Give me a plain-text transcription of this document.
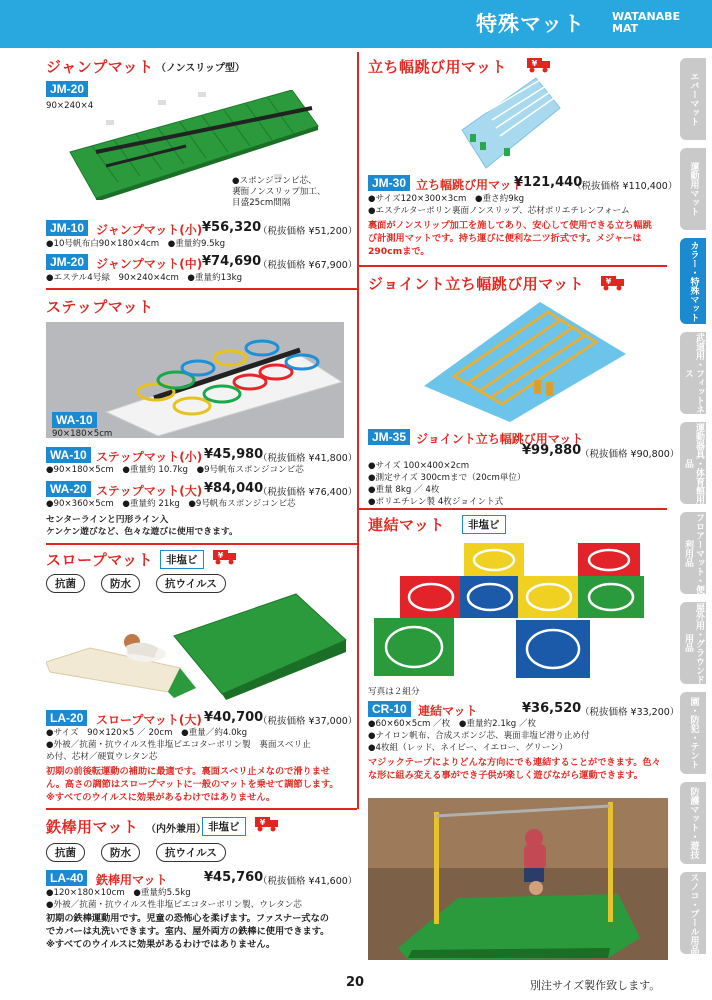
特殊マット WATANABE MAT
エバーマット
運動用マット
カラー・特殊マット
武道用・フィットネス
運動器具・体育館用品
フロアーマット・便利用品
屋外用・グラウンド用品
園・防犯・テント
防護マット・遊技
スノコ・プール用品
ジャンプマット （ノンスリップ型）
JM-20
90×240×4
●スポンジコンビ芯、
裏面ノンスリップ加工、
目盛25cm間隔
JM-10 ジャンプマット(小) ¥56,320
（税抜価格 ¥51,200）
●10号帆布白90×180×4cm　●重量約9.5kg
JM-20 ジャンプマット(中) ¥74,690
（税抜価格 ¥67,900）
●エステル4号緑　90×240×4cm　●重量約13kg
ステップマット
WA-10
90×180×5cm
WA-10 ステップマット(小) ¥45,980
（税抜価格 ¥41,800）
●90×180×5cm　●重量約 10.7kg　●9号帆布スポンジコンビ芯
WA-20 ステップマット(大) ¥84,040
（税抜価格 ¥76,400）
●90×360×5cm　●重量約 21kg　●9号帆布スポンジコンビ芯
センターラインと円形ライン入
ケンケン遊びなど、色々な遊びに使用できます。
スロープマット	非塩ビ	¥
抗菌	防水	抗ウイルス
LA-20	スロープマット(大) ¥40,700
（税抜価格 ¥37,000）
●サイズ　90×120×5 ／ 20cm　●重量／約4.0kg
●外被／抗菌・抗ウイルス性非塩ビエコターポリン製　裏面スベリ止
め付、芯材／硬質ウレタン芯
初期の前後転運動の補助に最適です。裏面スベリ止メなので滑りませ
ん。高さの調節はスロープマットに一般のマットを乗せて調節します。
※すべてのウイルスに効果があるわけではありません。
鉄棒用マット （内外兼用） 非塩ビ	¥
抗菌	防水	抗ウイルス
LA-40	鉄棒用マット	¥45,760
（税抜価格 ¥41,600）
●120×180×10cm　●重量約5.5kg
●外被／抗菌・抗ウイルス性非塩ビエコターポリン製、ウレタン芯
初期の鉄棒運動用です。児童の恐怖心を柔げます。ファスナー式なの
でカバーは丸洗いできます。室内、屋外両方の鉄棒に使用できます。
※すべてのウイルスに効果があるわけではありません。
立ち幅跳び用マット	¥
JM-30 立ち幅跳び用マット
¥121,440
（税抜価格 ¥110,400）
●サイズ120×300×3cm　●重さ約9kg
●エステルターポリン裏面ノンスリップ、芯材ポリエチレンフォーム
裏面がノンスリップ加工を施してあり、安心して使用できる立ち幅跳
び計測用マットです。持ち運びに便利な二ツ折式です。メジャーは
290cmまで。
ジョイント立ち幅跳び用マット	¥
JM-35 ジョイント立ち幅跳び用マット
¥99,880
（税抜価格 ¥90,800）
●サイズ 100×400×2cm
●測定サイズ 300cmまで（20cm単位）
●重量 8kg ／ 4枚
●ポリエチレン製 4枚ジョイント式
連結マット	非塩ビ
写真は２組分
CR-10 連結マット	¥36,520
（税抜価格 ¥33,200）
●60×60×5cm ／枚　●重量約2.1kg ／枚
●ナイロン帆布、合成スポンジ芯、裏面非塩ビ滑り止め付
●4枚組（レッド、ネイビー、イエロー、グリーン）
マジックテープによりどんな方向にでも連結することができます。色々
な形に組み変える事ができ子供が楽しく遊びながら運動できます。
20	別注サイズ製作致します。
